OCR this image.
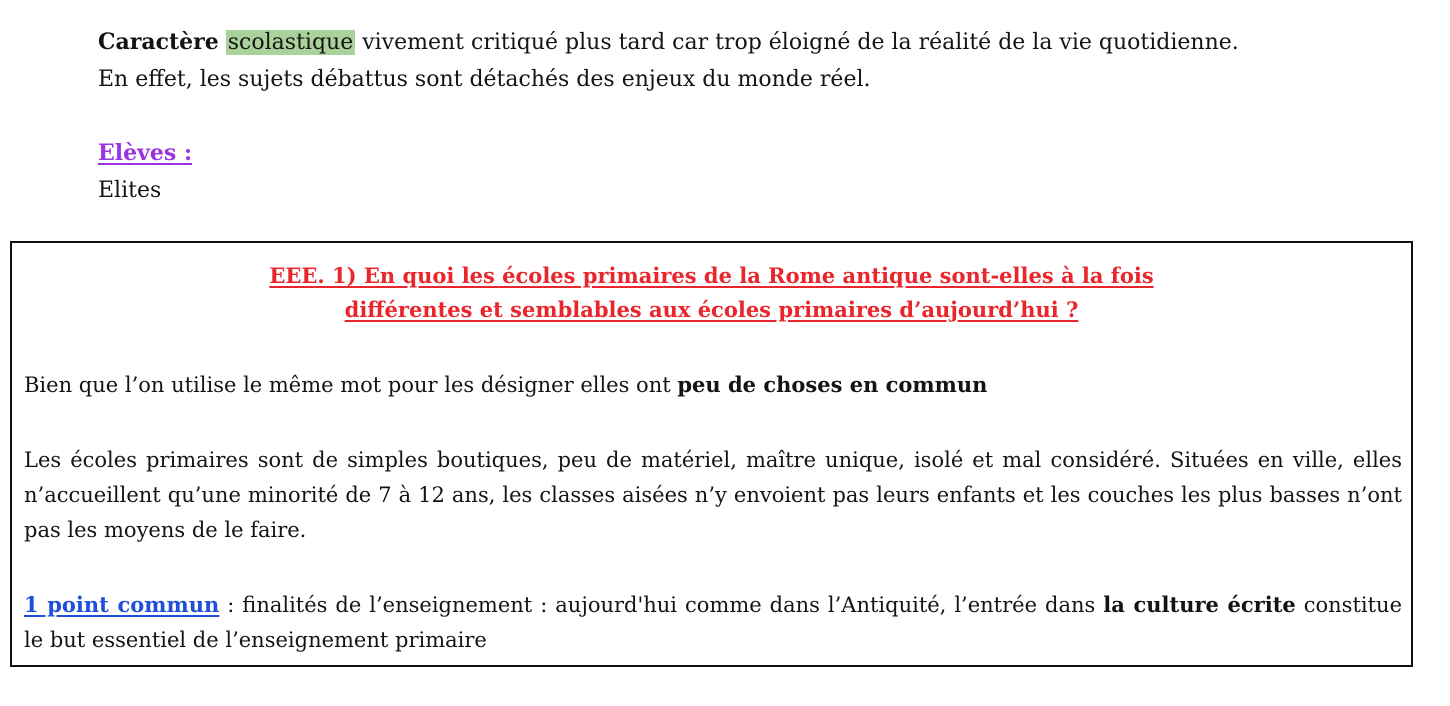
Caractère scolastique vivement critiqué plus tard car trop éloigné de la réalité de la vie quotidienne.

En effet, les sujets débattus sont détachés des enjeux du monde réel.

Elèves :

Elites

EEE. 1) En quoi les écoles primaires de la Rome antique sont-elles à la fois
différentes et semblables aux écoles primaires d’aujourd’hui ?

Bien que l’on utilise le même mot pour les désigner elles ont peu de choses en commun

Les écoles primaires sont de simples boutiques, peu de matériel, maître unique, isolé et mal considéré. Situées en ville, elles n’accueillent qu’une minorité de 7 à 12 ans, les classes aisées n’y envoient pas leurs enfants et les couches les plus basses n’ont pas les moyens de le faire.

1 point commun : finalités de l’enseignement : aujourd'hui comme dans l’Antiquité, l’entrée dans la culture écrite constitue le but essentiel de l’enseignement primaire
